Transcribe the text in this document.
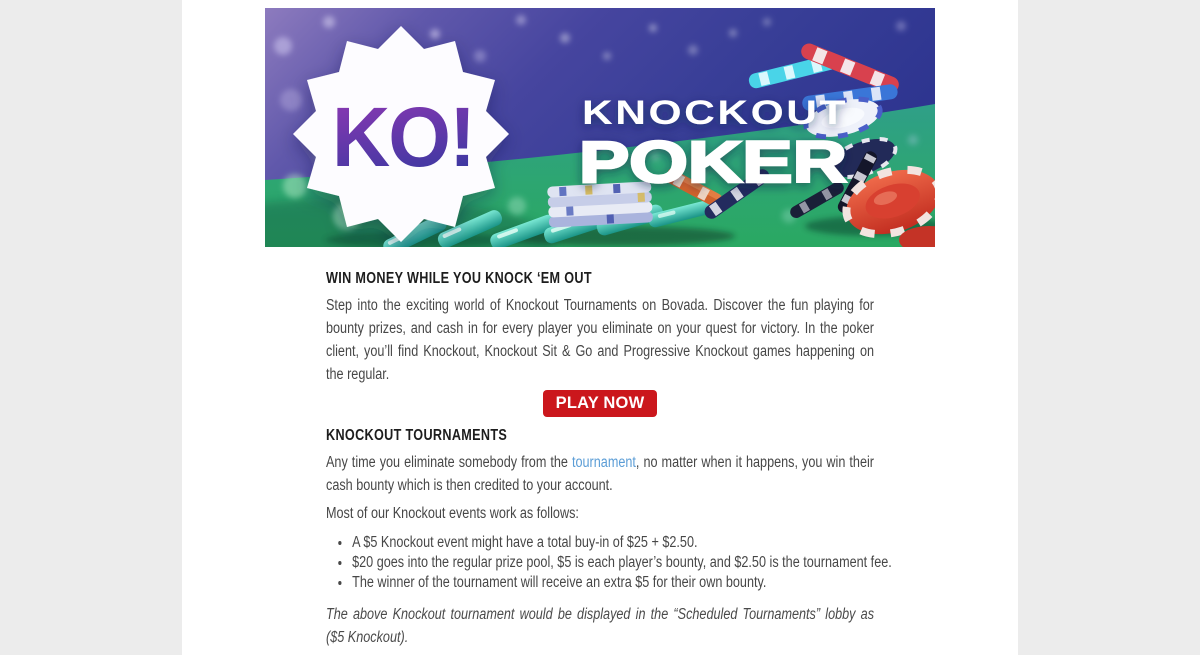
KO!	KNOCKOUT
POKER
WIN MONEY WHILE YOU KNOCK ‘EM OUT

Step into the exciting world of Knockout Tournaments on Bovada. Discover the fun playing for bounty prizes, and cash in for every player you eliminate on your quest for victory. In the poker client, you’ll find Knockout, Knockout Sit & Go and Progressive Knockout games happening on the regular.

PLAY NOW
KNOCKOUT TOURNAMENTS

Any time you eliminate somebody from the tournament, no matter when it happens, you win their cash bounty which is then credited to your account.

Most of our Knockout events work as follows:

• A $5 Knockout event might have a total buy-in of $25 + $2.50.
• $20 goes into the regular prize pool, $5 is each player’s bounty, and $2.50 is the tournament fee.
• The winner of the tournament will receive an extra $5 for their own bounty.

The above Knockout tournament would be displayed in the “Scheduled Tournaments” lobby as ($5 Knockout).
